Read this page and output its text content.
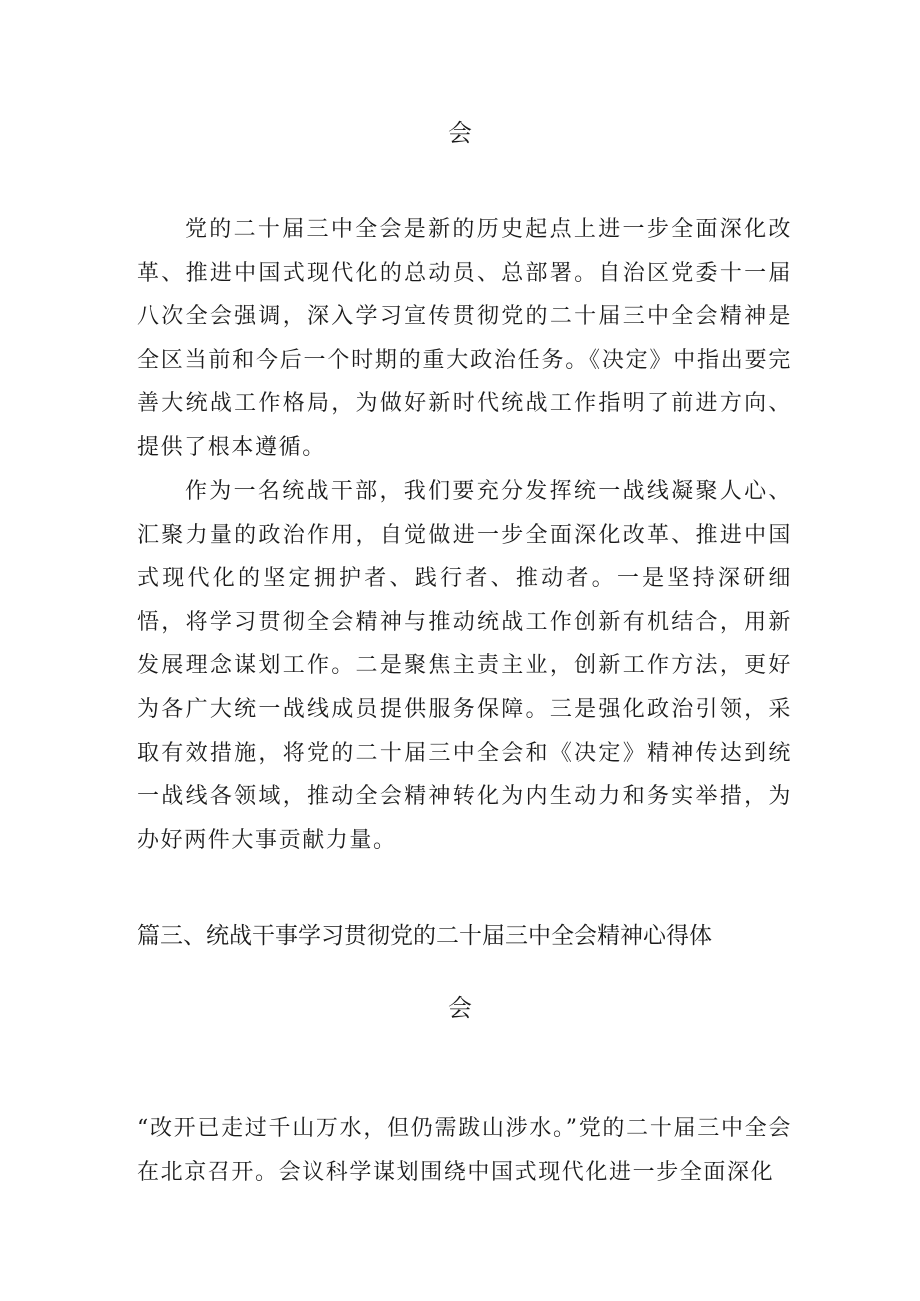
会

党的二十届三中全会是新的历史起点上进一步全面深化改革、推进中国式现代化的总动员、总部署。自治区党委十一届八次全会强调，深入学习宣传贯彻党的二十届三中全会精神是全区当前和今后一个时期的重大政治任务。《决定》中指出要完善大统战工作格局，为做好新时代统战工作指明了前进方向、提供了根本遵循。

作为一名统战干部，我们要充分发挥统一战线凝聚人心、汇聚力量的政治作用，自觉做进一步全面深化改革、推进中国式现代化的坚定拥护者、践行者、推动者。一是坚持深研细悟，将学习贯彻全会精神与推动统战工作创新有机结合，用新发展理念谋划工作。二是聚焦主责主业，创新工作方法，更好为各广大统一战线成员提供服务保障。三是强化政治引领，采取有效措施，将党的二十届三中全会和《决定》精神传达到统一战线各领域，推动全会精神转化为内生动力和务实举措，为办好两件大事贡献力量。

篇三、统战干事学习贯彻党的二十届三中全会精神心得体
会

“改开已走过千山万水，但仍需跋山涉水。”党的二十届三中全会在北京召开。会议科学谋划围绕中国式现代化进一步全面深化
